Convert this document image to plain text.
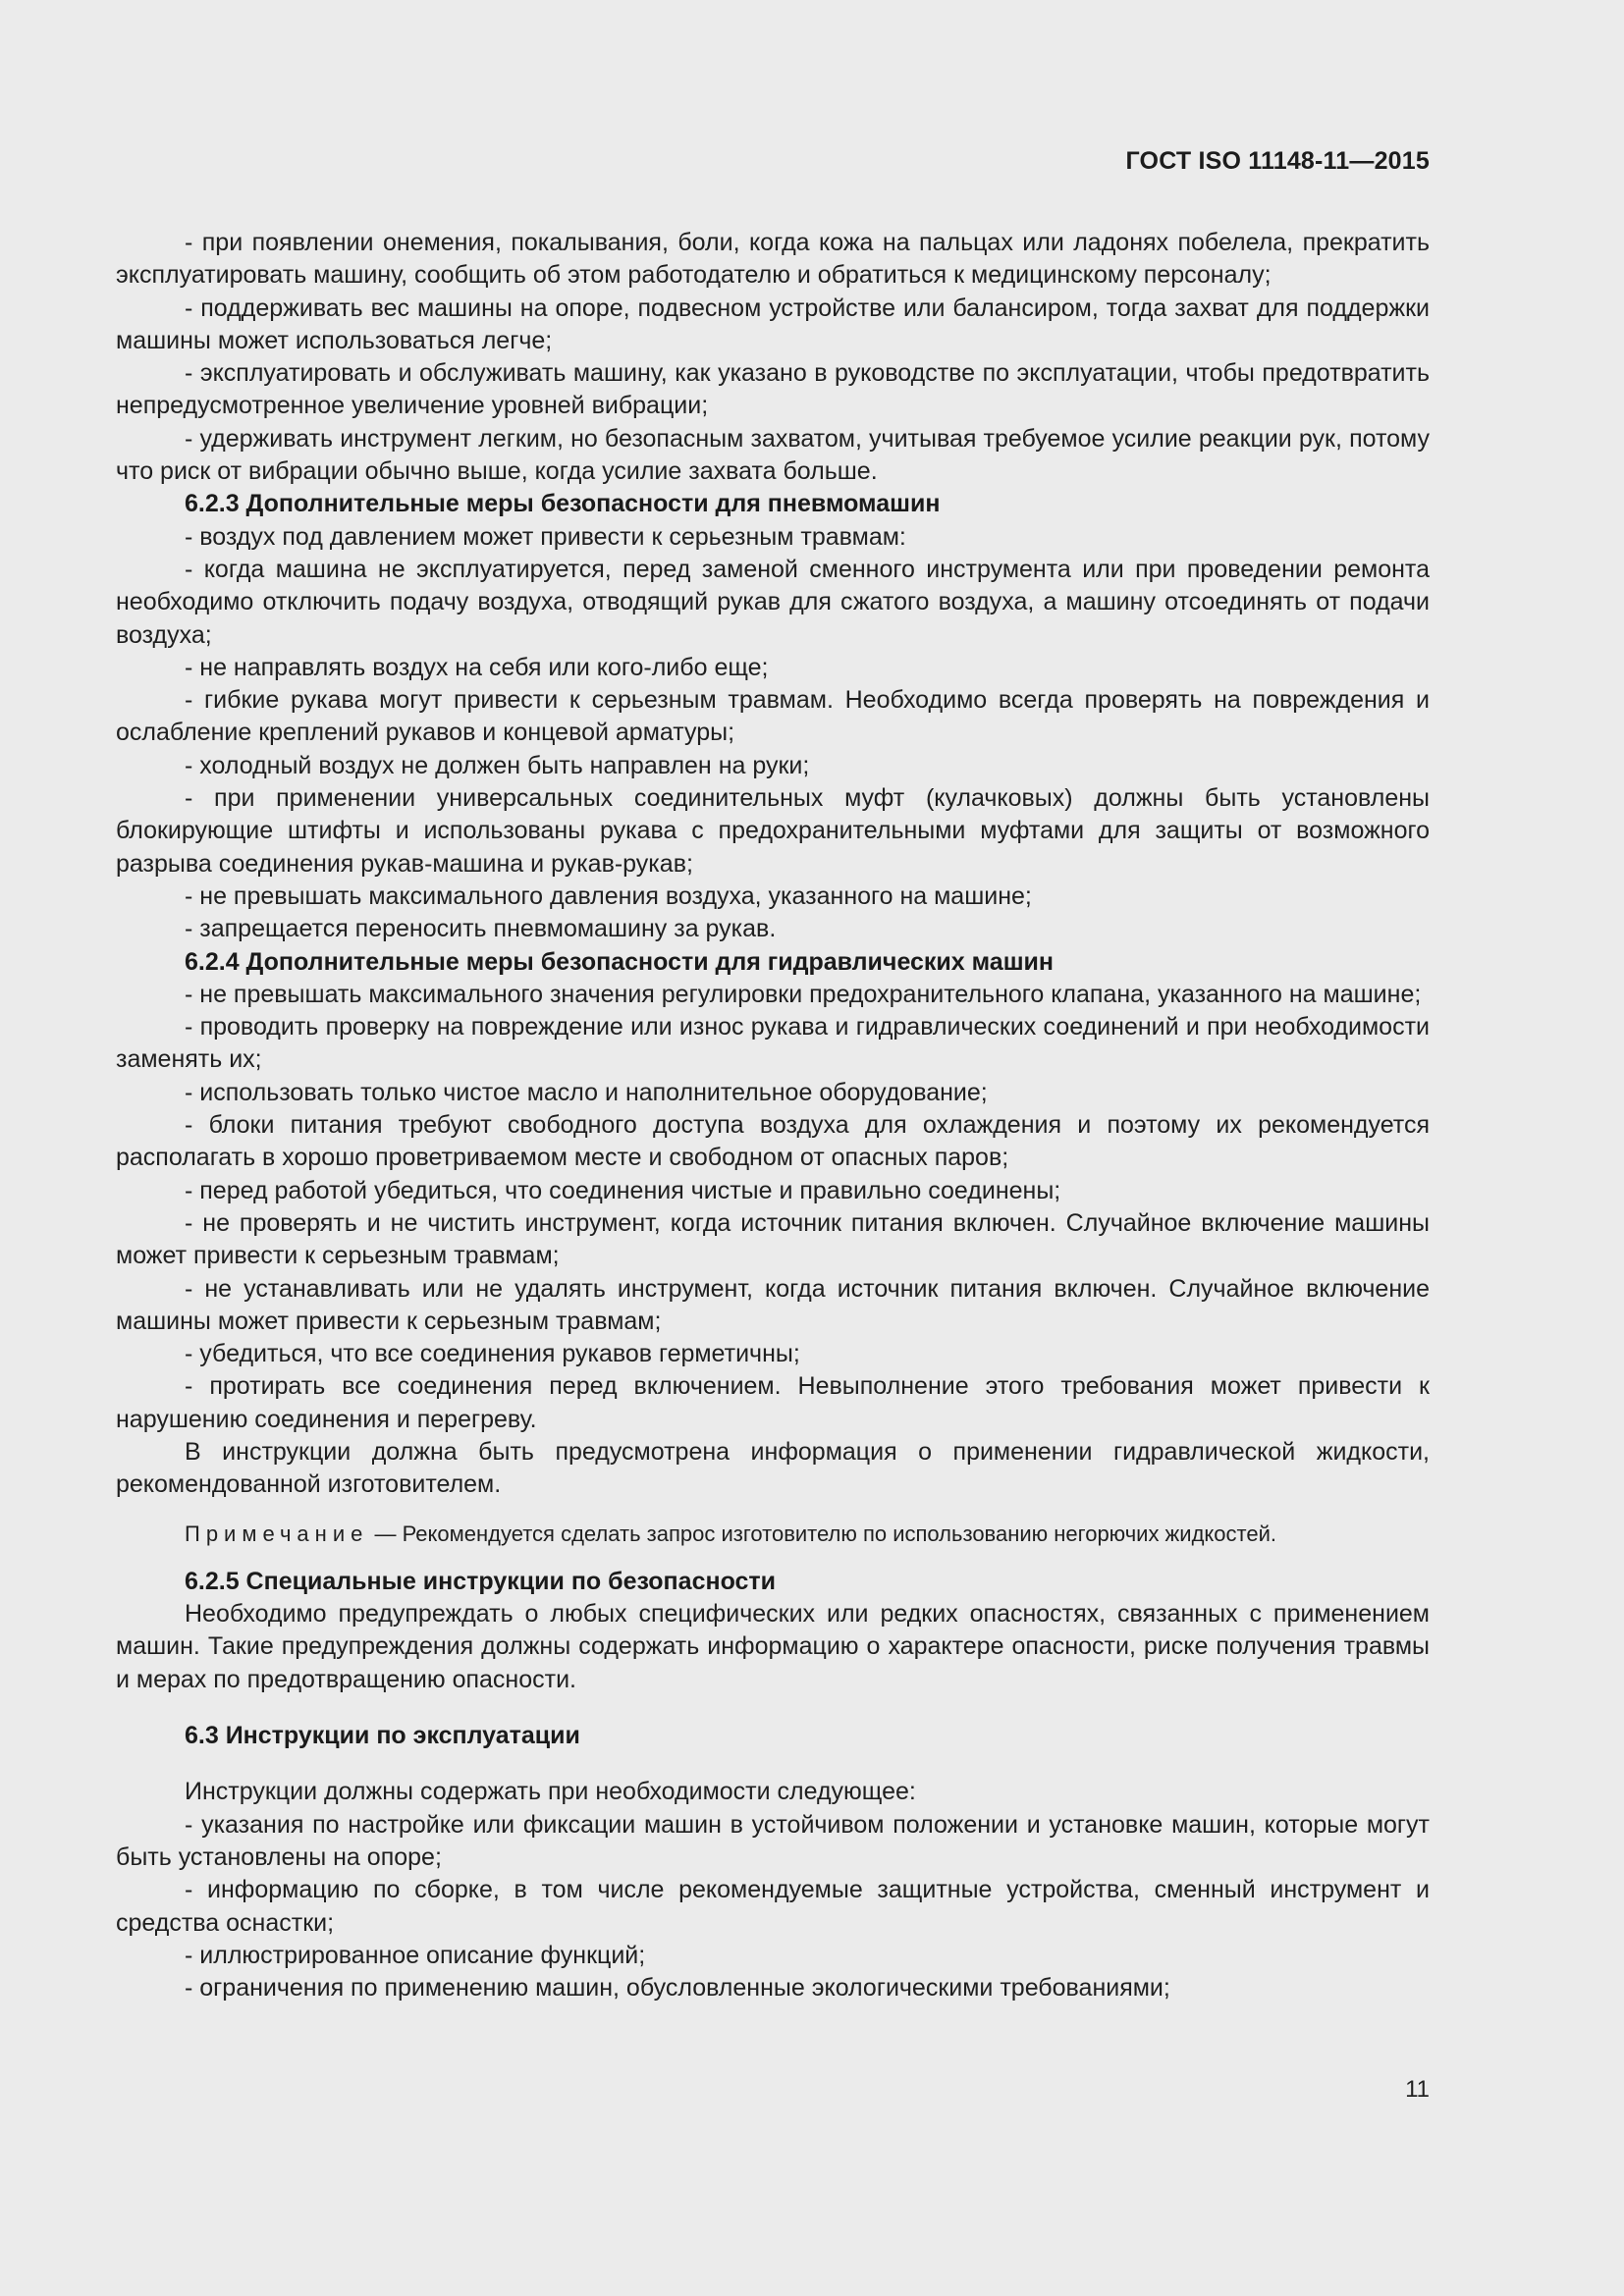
ГОСТ ISO 11148-11—2015

- при появлении онемения, покалывания, боли, когда кожа на пальцах или ладонях побелела, прекратить эксплуатировать машину, сообщить об этом работодателю и обратиться к медицинскому персоналу;

- поддерживать вес машины на опоре, подвесном устройстве или балансиром, тогда захват для поддержки машины может использоваться легче;

- эксплуатировать и обслуживать машину, как указано в руководстве по эксплуатации, чтобы предотвратить непредусмотренное увеличение уровней вибрации;

- удерживать инструмент легким, но безопасным захватом, учитывая требуемое усилие реакции рук, потому что риск от вибрации обычно выше, когда усилие захвата больше.

6.2.3 Дополнительные меры безопасности для пневмомашин

- воздух под давлением может привести к серьезным травмам:

- когда машина не эксплуатируется, перед заменой сменного инструмента или при проведении ремонта необходимо отключить подачу воздуха, отводящий рукав для сжатого воздуха, а машину отсоединять от подачи воздуха;

- не направлять воздух на себя или кого-либо еще;

- гибкие рукава могут привести к серьезным травмам. Необходимо всегда проверять на повреждения и ослабление креплений рукавов и концевой арматуры;

- холодный воздух не должен быть направлен на руки;

- при применении универсальных соединительных муфт (кулачковых) должны быть установлены блокирующие штифты и использованы рукава с предохранительными муфтами для защиты от возможного разрыва соединения рукав-машина и рукав-рукав;

- не превышать максимального давления воздуха, указанного на машине;

- запрещается переносить пневмомашину за рукав.

6.2.4 Дополнительные меры безопасности для гидравлических машин

- не превышать максимального значения регулировки предохранительного клапана, указанного на машине;

- проводить проверку на повреждение или износ рукава и гидравлических соединений и при необходимости заменять их;

- использовать только чистое масло и наполнительное оборудование;

- блоки питания требуют свободного доступа воздуха для охлаждения и поэтому их рекомендуется располагать в хорошо проветриваемом месте и свободном от опасных паров;

- перед работой убедиться, что соединения чистые и правильно соединены;

- не проверять и не чистить инструмент, когда источник питания включен. Случайное включение машины может привести к серьезным травмам;

- не устанавливать или не удалять инструмент, когда источник питания включен. Случайное включение машины может привести к серьезным травмам;

- убедиться, что все соединения рукавов герметичны;

- протирать все соединения перед включением. Невыполнение этого требования может привести к нарушению соединения и перегреву.

В инструкции должна быть предусмотрена информация о применении гидравлической жидкости, рекомендованной изготовителем.

Примечание — Рекомендуется сделать запрос изготовителю по использованию негорючих жидкостей.

6.2.5 Специальные инструкции по безопасности

Необходимо предупреждать о любых специфических или редких опасностях, связанных с применением машин. Такие предупреждения должны содержать информацию о характере опасности, риске получения травмы и мерах по предотвращению опасности.

6.3 Инструкции по эксплуатации

Инструкции должны содержать при необходимости следующее:

- указания по настройке или фиксации машин в устойчивом положении и установке машин, которые могут быть установлены на опоре;

- информацию по сборке, в том числе рекомендуемые защитные устройства, сменный инструмент и средства оснастки;

- иллюстрированное описание функций;

- ограничения по применению машин, обусловленные экологическими требованиями;

11
